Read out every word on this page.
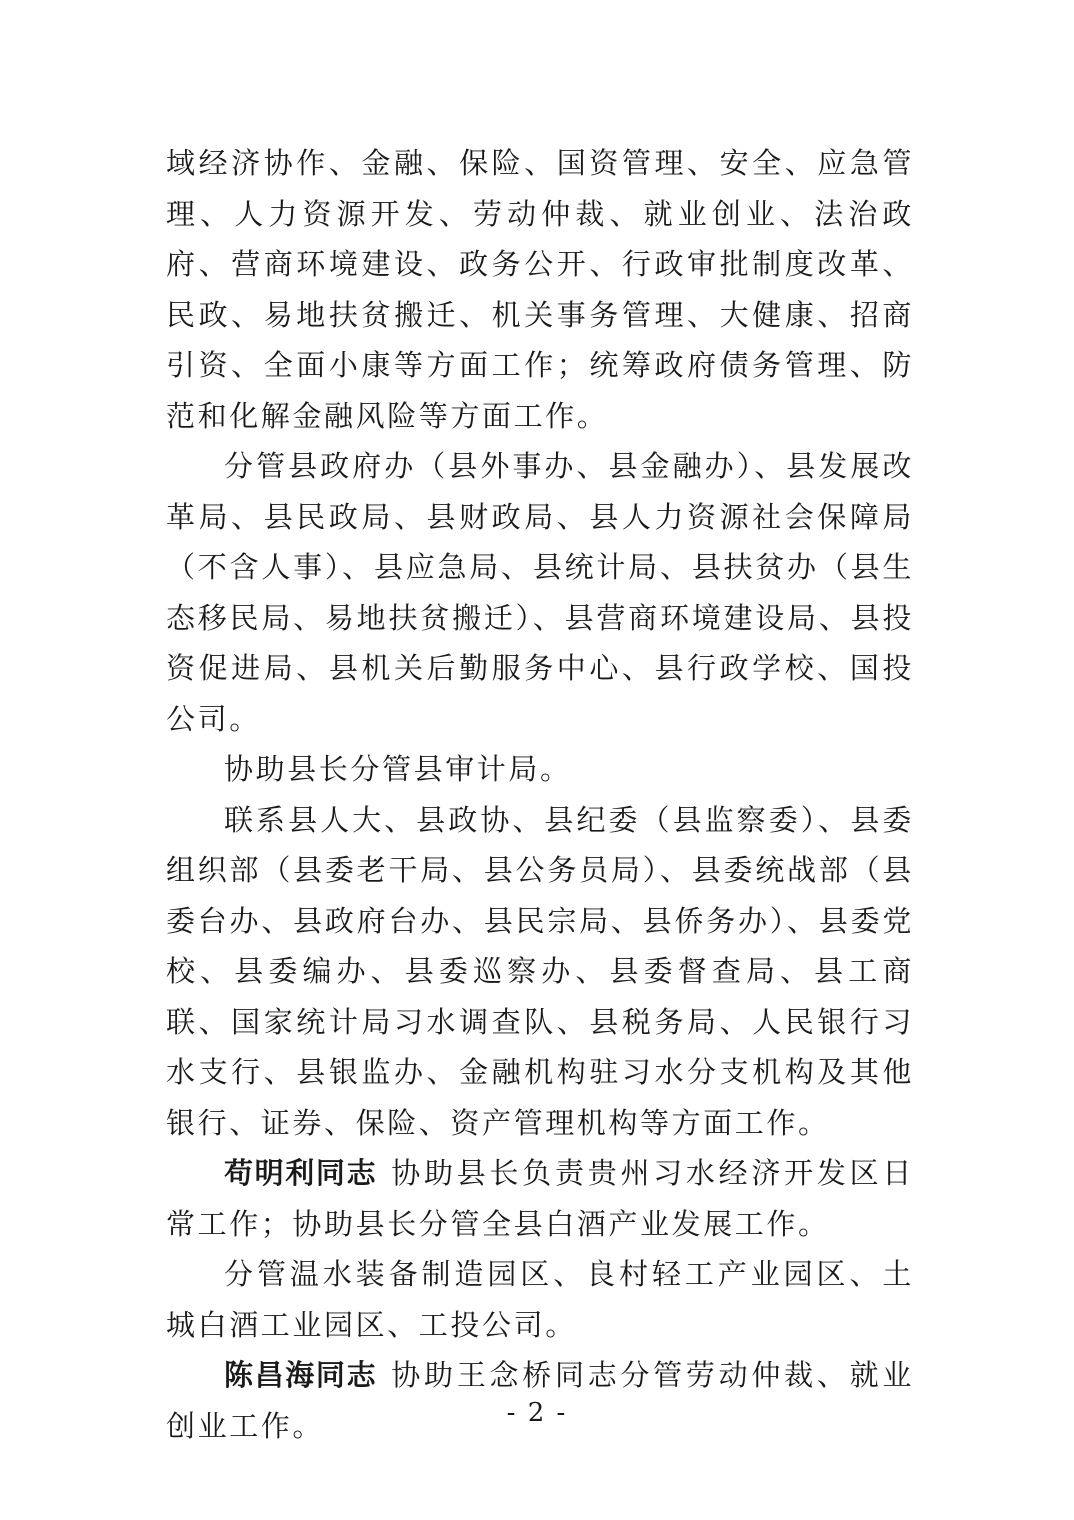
域经济协作、金融、保险、国资管理、安全、应急管理、人力资源开发、劳动仲裁、就业创业、法治政府、营商环境建设、政务公开、行政审批制度改革、民政、易地扶贫搬迁、机关事务管理、大健康、招商引资、全面小康等方面工作；统筹政府债务管理、防范和化解金融风险等方面工作。

分管县政府办（县外事办、县金融办）、县发展改革局、县民政局、县财政局、县人力资源社会保障局（不含人事）、县应急局、县统计局、县扶贫办（县生态移民局、易地扶贫搬迁）、县营商环境建设局、县投资促进局、县机关后勤服务中心、县行政学校、国投公司。

协助县长分管县审计局。

联系县人大、县政协、县纪委（县监察委）、县委组织部（县委老干局、县公务员局）、县委统战部（县委台办、县政府台办、县民宗局、县侨务办）、县委党校、县委编办、县委巡察办、县委督查局、县工商联、国家统计局习水调查队、县税务局、人民银行习水支行、县银监办、金融机构驻习水分支机构及其他银行、证券、保险、资产管理机构等方面工作。

苟明利同志 协助县长负责贵州习水经济开发区日常工作；协助县长分管全县白酒产业发展工作。

分管温水装备制造园区、良村轻工产业园区、土城白酒工业园区、工投公司。

陈昌海同志 协助王念桥同志分管劳动仲裁、就业创业工作。	- 2 -
